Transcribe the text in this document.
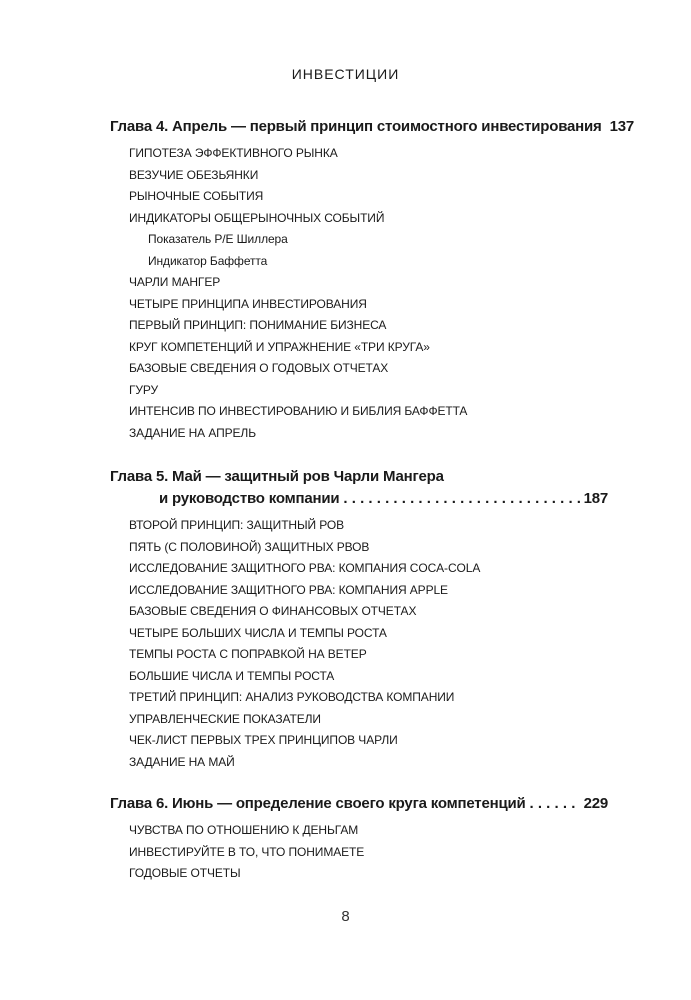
ИНВЕСТИЦИИ
Глава 4. Апрель — первый принцип стоимостного инвестирования 137
ГИПОТЕЗА ЭФФЕКТИВНОГО РЫНКА
ВЕЗУЧИЕ ОБЕЗЬЯНКИ
РЫНОЧНЫЕ СОБЫТИЯ
ИНДИКАТОРЫ ОБЩЕРЫНОЧНЫХ СОБЫТИЙ
Показатель P/E Шиллера
Индикатор Баффетта
ЧАРЛИ МАНГЕР
ЧЕТЫРЕ ПРИНЦИПА ИНВЕСТИРОВАНИЯ
ПЕРВЫЙ ПРИНЦИП: ПОНИМАНИЕ БИЗНЕСА
КРУГ КОМПЕТЕНЦИЙ И УПРАЖНЕНИЕ «ТРИ КРУГА»
БАЗОВЫЕ СВЕДЕНИЯ О ГОДОВЫХ ОТЧЕТАХ
ГУРУ
ИНТЕНСИВ ПО ИНВЕСТИРОВАНИЮ И БИБЛИЯ БАФФЕТТА
ЗАДАНИЕ НА АПРЕЛЬ
Глава 5. Май — защитный ров Чарли Мангера
и руководство компании . . .	187
ВТОРОЙ ПРИНЦИП: ЗАЩИТНЫЙ РОВ
ПЯТЬ (С ПОЛОВИНОЙ) ЗАЩИТНЫХ РВОВ
ИССЛЕДОВАНИЕ ЗАЩИТНОГО РВА: КОМПАНИЯ COCA-COLA
ИССЛЕДОВАНИЕ ЗАЩИТНОГО РВА: КОМПАНИЯ APPLE
БАЗОВЫЕ СВЕДЕНИЯ О ФИНАНСОВЫХ ОТЧЕТАХ
ЧЕТЫРЕ БОЛЬШИХ ЧИСЛА И ТЕМПЫ РОСТА
ТЕМПЫ РОСТА С ПОПРАВКОЙ НА ВЕТЕР
БОЛЬШИЕ ЧИСЛА И ТЕМПЫ РОСТА
ТРЕТИЙ ПРИНЦИП: АНАЛИЗ РУКОВОДСТВА КОМПАНИИ
УПРАВЛЕНЧЕСКИЕ ПОКАЗАТЕЛИ
ЧЕК-ЛИСТ ПЕРВЫХ ТРЕХ ПРИНЦИПОВ ЧАРЛИ
ЗАДАНИЕ НА МАЙ
Глава 6. Июнь — определение своего круга компетенций . . .	229
ЧУВСТВА ПО ОТНОШЕНИЮ К ДЕНЬГАМ
ИНВЕСТИРУЙТЕ В ТО, ЧТО ПОНИМАЕТЕ
ГОДОВЫЕ ОТЧЕТЫ
8
